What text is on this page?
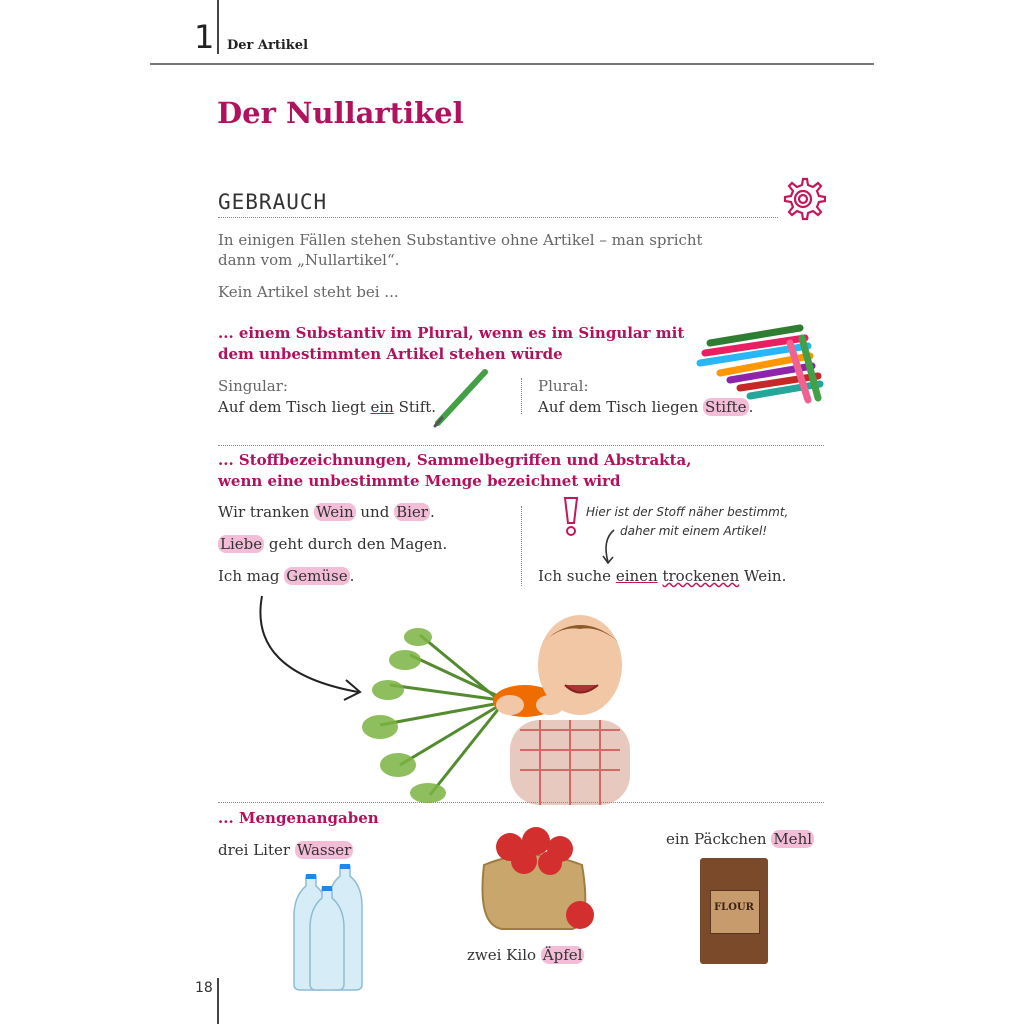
1 Der Artikel
Der Nullartikel
GEBRAUCH
In einigen Fällen stehen Substantive ohne Artikel – man spricht dann vom „Nullartikel“.
Kein Artikel steht bei ...
... einem Substantiv im Plural, wenn es im Singular mit
dem unbestimmten Artikel stehen würde
Singular:
Auf dem Tisch liegt ein Stift.
Plural:
Auf dem Tisch liegen Stifte .
... Stoffbezeichnungen, Sammelbegriffen und Abstrakta,
wenn eine unbestimmte Menge bezeichnet wird
Wir tranken Wein und Bier .
Liebe geht durch den Magen.
Ich mag Gemüse .
Hier ist der Stoff näher bestimmt,
daher mit einem Artikel!
Ich suche einen trockenen Wein.
... Mengenangaben
drei Liter Wasser
zwei Kilo Äpfel
ein Päckchen Mehl
FLOUR
18
